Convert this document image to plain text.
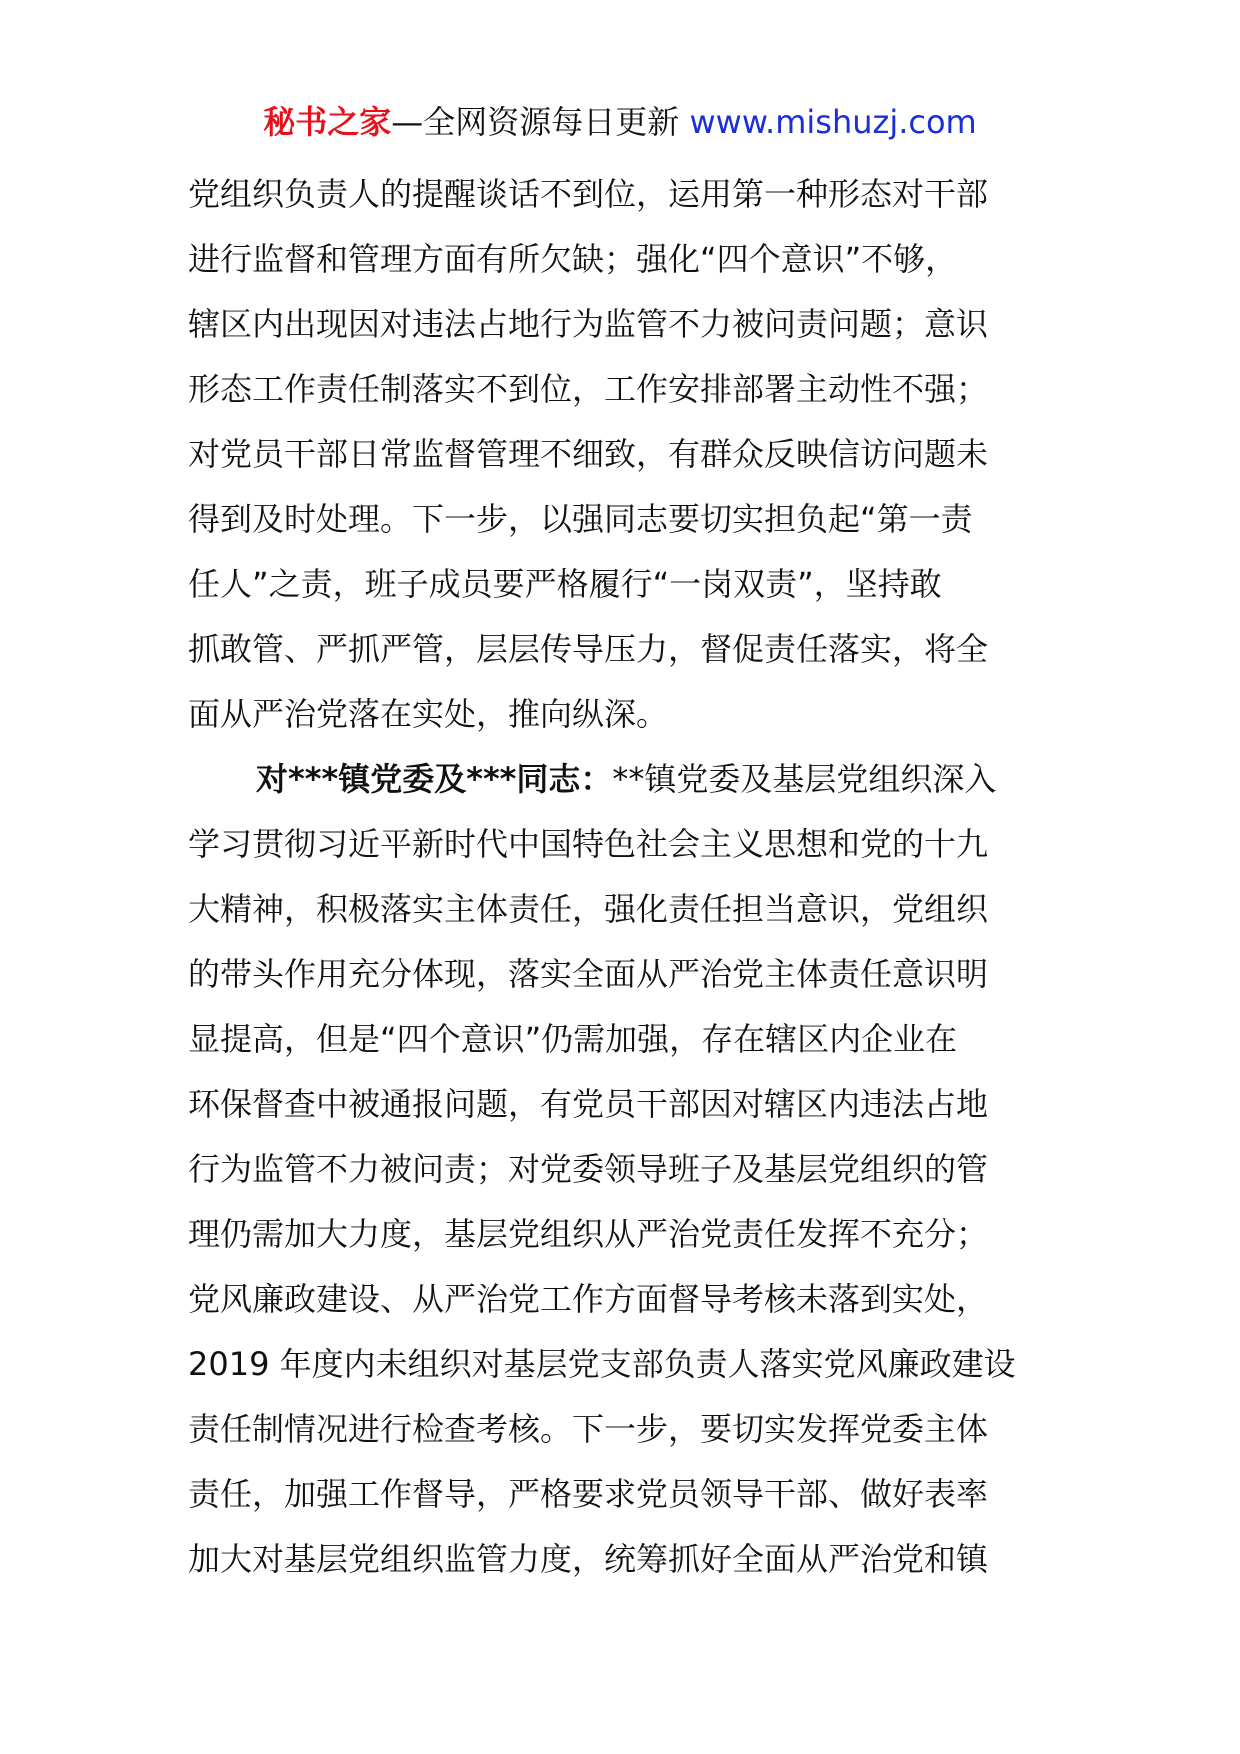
秘书之家—全网资源每日更新 www.mishuzj.com
党组织负责人的提醒谈话不到位，运用第一种形态对干部
进行监督和管理方面有所欠缺；强化“四个意识”不够，
辖区内出现因对违法占地行为监管不力被问责问题；意识
形态工作责任制落实不到位，工作安排部署主动性不强；
对党员干部日常监督管理不细致，有群众反映信访问题未
得到及时处理。下一步，以强同志要切实担负起“第一责
任人”之责，班子成员要严格履行“一岗双责”，坚持敢
抓敢管、严抓严管，层层传导压力，督促责任落实，将全
面从严治党落在实处，推向纵深。
对***镇党委及***同志：**镇党委及基层党组织深入
学习贯彻习近平新时代中国特色社会主义思想和党的十九
大精神，积极落实主体责任，强化责任担当意识，党组织
的带头作用充分体现，落实全面从严治党主体责任意识明
显提高，但是“四个意识”仍需加强，存在辖区内企业在
环保督查中被通报问题，有党员干部因对辖区内违法占地
行为监管不力被问责；对党委领导班子及基层党组织的管
理仍需加大力度，基层党组织从严治党责任发挥不充分；
党风廉政建设、从严治党工作方面督导考核未落到实处，
2019 年度内未组织对基层党支部负责人落实党风廉政建设
责任制情况进行检查考核。下一步，要切实发挥党委主体
责任，加强工作督导，严格要求党员领导干部、做好表率
加大对基层党组织监管力度，统筹抓好全面从严治党和镇
